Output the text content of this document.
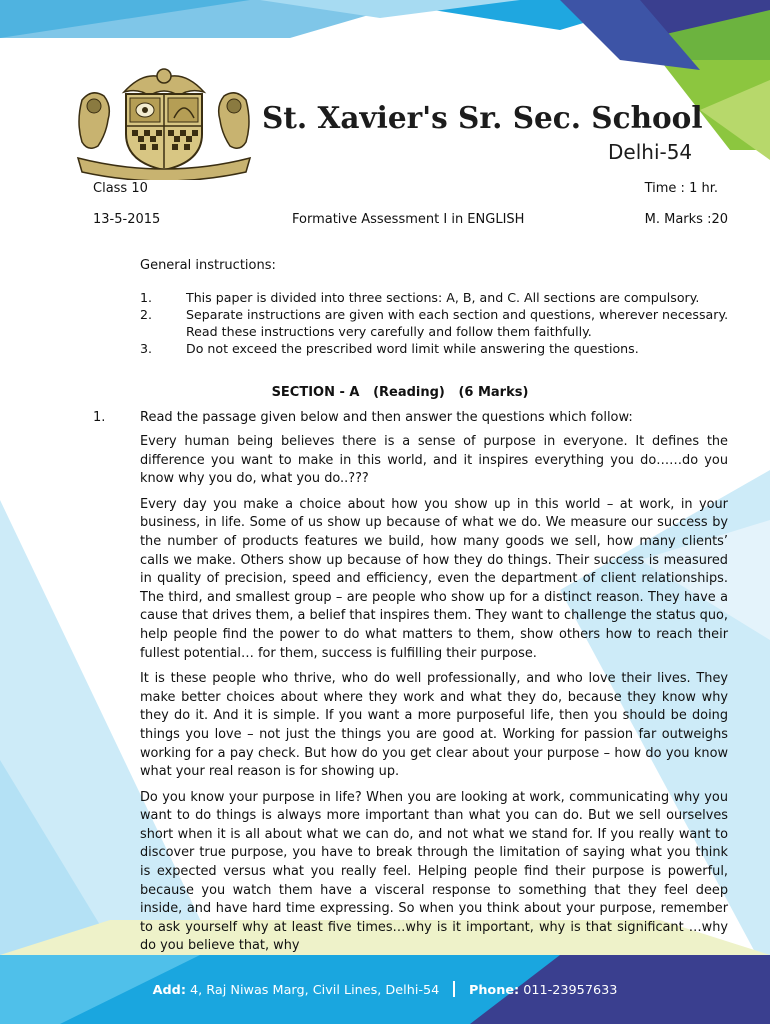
St. Xavier's Sr. Sec. School
Delhi-54
Class 10	Time : 1 hr.
13-5-2015	Formative Assessment I in ENGLISH	M. Marks :20
General instructions:
1.	This paper is divided into three sections: A, B, and C. All sections are compulsory.
2.	Separate instructions are given with each section and questions, wherever necessary.
Read these instructions very carefully and follow them faithfully.
3.	Do not exceed the prescribed word limit while answering the questions.
SECTION - A   (Reading)   (6 Marks)
1.	Read the passage given below and then answer the questions which follow:

Every human being believes there is a sense of purpose in everyone. It defines the difference you want to make in this world, and it inspires everything you do……do you know why you do, what you do..???

Every day you make a choice about how you show up in this world – at work, in your business, in life. Some of us show up because of what we do. We measure our success by the number of products features we build, how many goods we sell, how many clients’ calls we make. Others show up because of how they do things. Their success is measured in quality of precision, speed and efficiency, even the department of client relationships. The third, and smallest group – are people who show up for a distinct reason. They have a cause that drives them, a belief that inspires them. They want to challenge the status quo, help people find the power to do what matters to them, show others how to reach their fullest potential… for them, success is fulfilling their purpose.

It is these people who thrive, who do well professionally, and who love their lives. They make better choices about where they work and what they do, because they know why they do it. And it is simple. If you want a more purposeful life, then you should be doing things you love – not just the things you are good at. Working for passion far outweighs working for a pay check. But how do you get clear about your purpose – how do you know what your real reason is for showing up.

Do you know your purpose in life? When you are looking at work, communicating why you want to do things is always more important than what you can do. But we sell ourselves short when it is all about what we can do, and not what we stand for. If you really want to discover true purpose, you have to break through the limitation of saying what you think is expected versus what you really feel. Helping people find their purpose is powerful, because you watch them have a visceral response to something that they feel deep inside, and have hard time expressing. So when you think about your purpose, remember to ask yourself why at least five times…why is it important, why is that significant …why do you believe that, why

Add: 4, Raj Niwas Marg, Civil Lines, Delhi-54 Phone: 011-23957633
